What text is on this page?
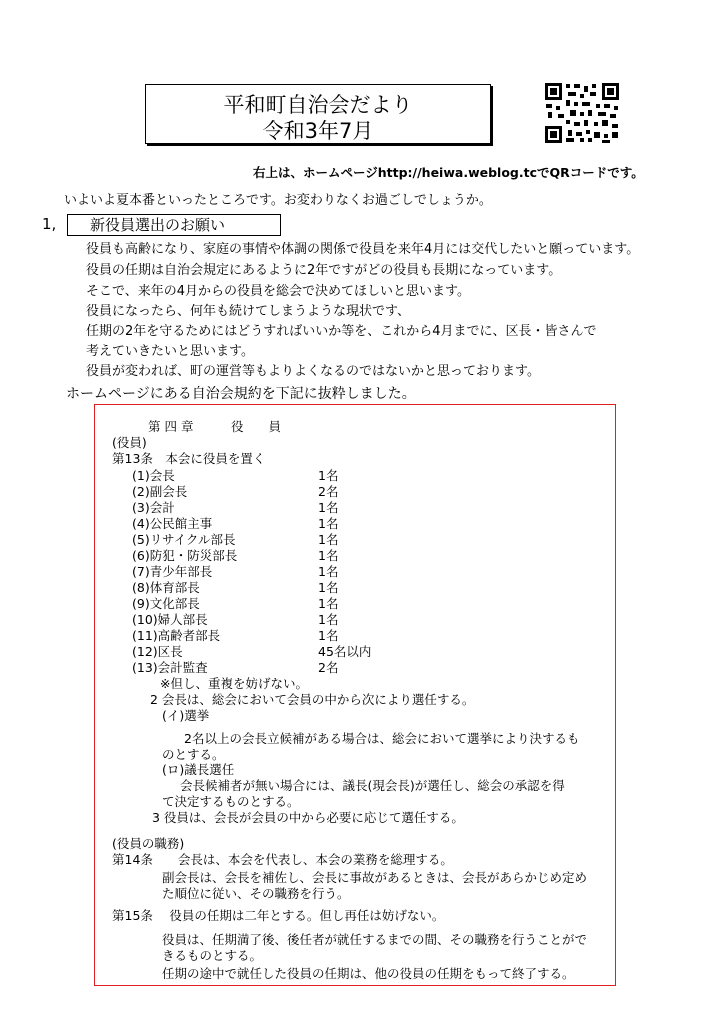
平和町自治会だより
令和3年7月
右上は、ホームページhttp://heiwa.weblog.tcでQRコードです。
いよいよ夏本番といったところです。お変わりなくお過ごしでしょうか。
1, 新役員選出のお願い
役員も高齢になり、家庭の事情や体調の関係で役員を来年4月には交代したいと願っています。
役員の任期は自治会規定にあるように2年ですがどの役員も長期になっています。
そこで、来年の4月からの役員を総会で決めてほしいと思います。
役員になったら、何年も続けてしまうような現状です、
任期の2年を守るためにはどうすればいいか等を、これから4月までに、区長・皆さんで
考えていきたいと思います。
役員が変われば、町の運営等もよりよくなるのではないかと思っております。
ホームページにある自治会規約を下記に抜粋しました。
第 四 章　　　役　　員
(役員)
第13条　本会に役員を置く
(1)会長	1名
(2)副会長	2名
(3)会計	1名
(4)公民館主事	1名
(5)リサイクル部長	1名
(6)防犯・防災部長	1名
(7)青少年部長	1名
(8)体育部長	1名
(9)文化部長	1名
(10)婦人部長	1名
(11)高齢者部長	1名
(12)区長	45名以内
(13)会計監査	2名
※但し、重複を妨げない。
2 会長は、総会において会員の中から次により選任する。
(イ)選挙
2名以上の会長立候補がある場合は、総会において選挙により決するも
のとする。
(ロ)議長選任
会長候補者が無い場合には、議長(現会長)が選任し、総会の承認を得
て決定するものとする。
3 役員は、会長が会員の中から必要に応じて選任する。
(役員の職務)
第14条　　会長は、本会を代表し、本会の業務を総理する。
副会長は、会長を補佐し、会長に事故があるときは、会長があらかじめ定め
た順位に従い、その職務を行う。
第15条　 役員の任期は二年とする。但し再任は妨げない。
役員は、任期満了後、後任者が就任するまでの間、その職務を行うことがで
きるものとする。
任期の途中で就任した役員の任期は、他の役員の任期をもって終了する。
